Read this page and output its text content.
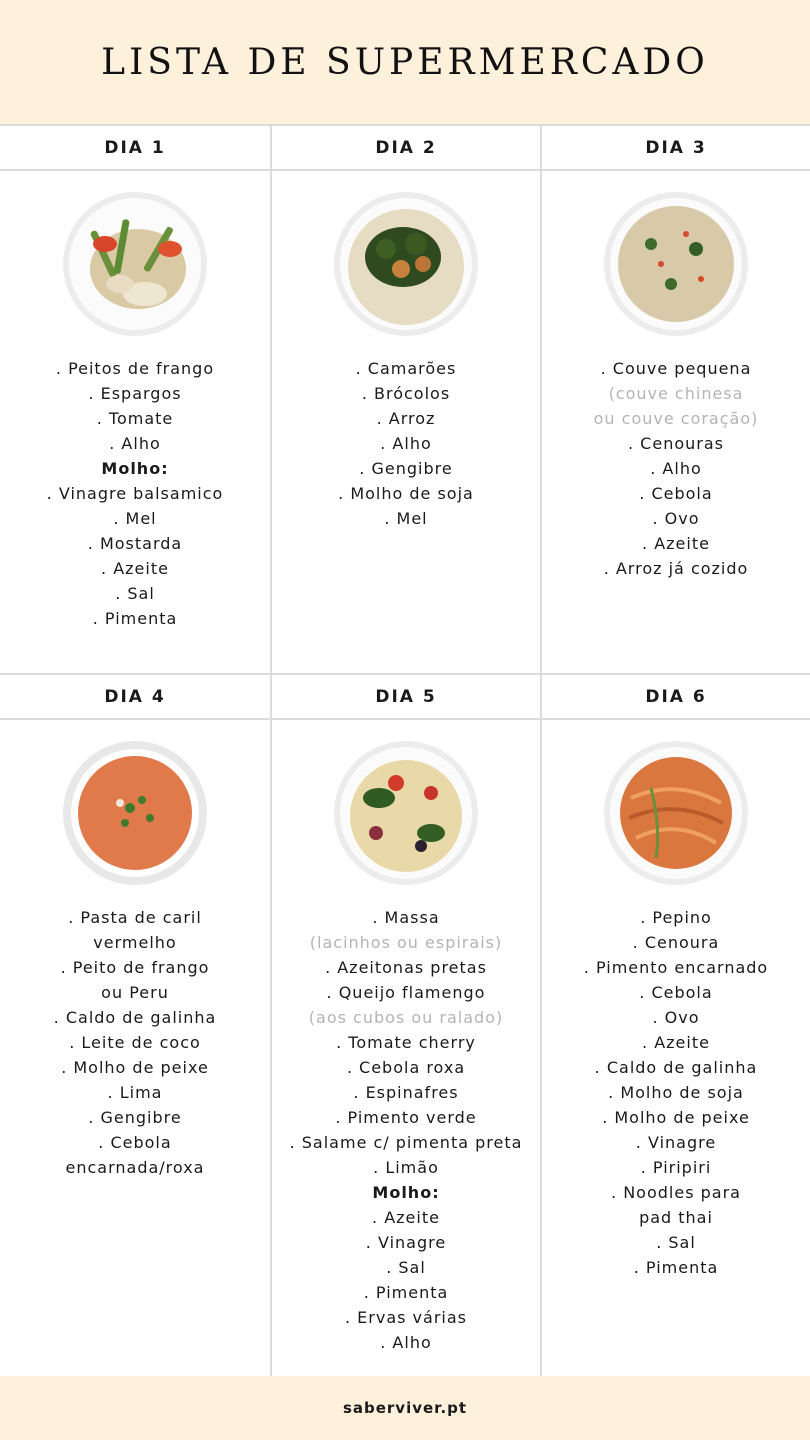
LISTA DE SUPERMERCADO
DIA 1
. Peitos de frango
. Espargos
. Tomate
. Alho
Molho:
. Vinagre balsamico
. Mel
. Mostarda
. Azeite
. Sal
. Pimenta
DIA 2
. Camarões
. Brócolos
. Arroz
. Alho
. Gengibre
. Molho de soja
. Mel
DIA 3
. Couve pequena
(couve chinesa
ou couve coração)
. Cenouras
. Alho
. Cebola
. Ovo
. Azeite
. Arroz já cozido
DIA 4
. Pasta de caril
vermelho
. Peito de frango
ou Peru
. Caldo de galinha
. Leite de coco
. Molho de peixe
. Lima
. Gengibre
. Cebola
encarnada/roxa
DIA 5
. Massa
(lacinhos ou espirais)
. Azeitonas pretas
. Queijo flamengo
(aos cubos ou ralado)
. Tomate cherry
. Cebola roxa
. Espinafres
. Pimento verde
. Salame c/ pimenta preta
. Limão
Molho:
. Azeite
. Vinagre
. Sal
. Pimenta
. Ervas várias
. Alho
DIA 6
. Pepino
. Cenoura
. Pimento encarnado
. Cebola
. Ovo
. Azeite
. Caldo de galinha
. Molho de soja
. Molho de peixe
. Vinagre
. Piripiri
. Noodles para
pad thai
. Sal
. Pimenta
saberviver.pt
